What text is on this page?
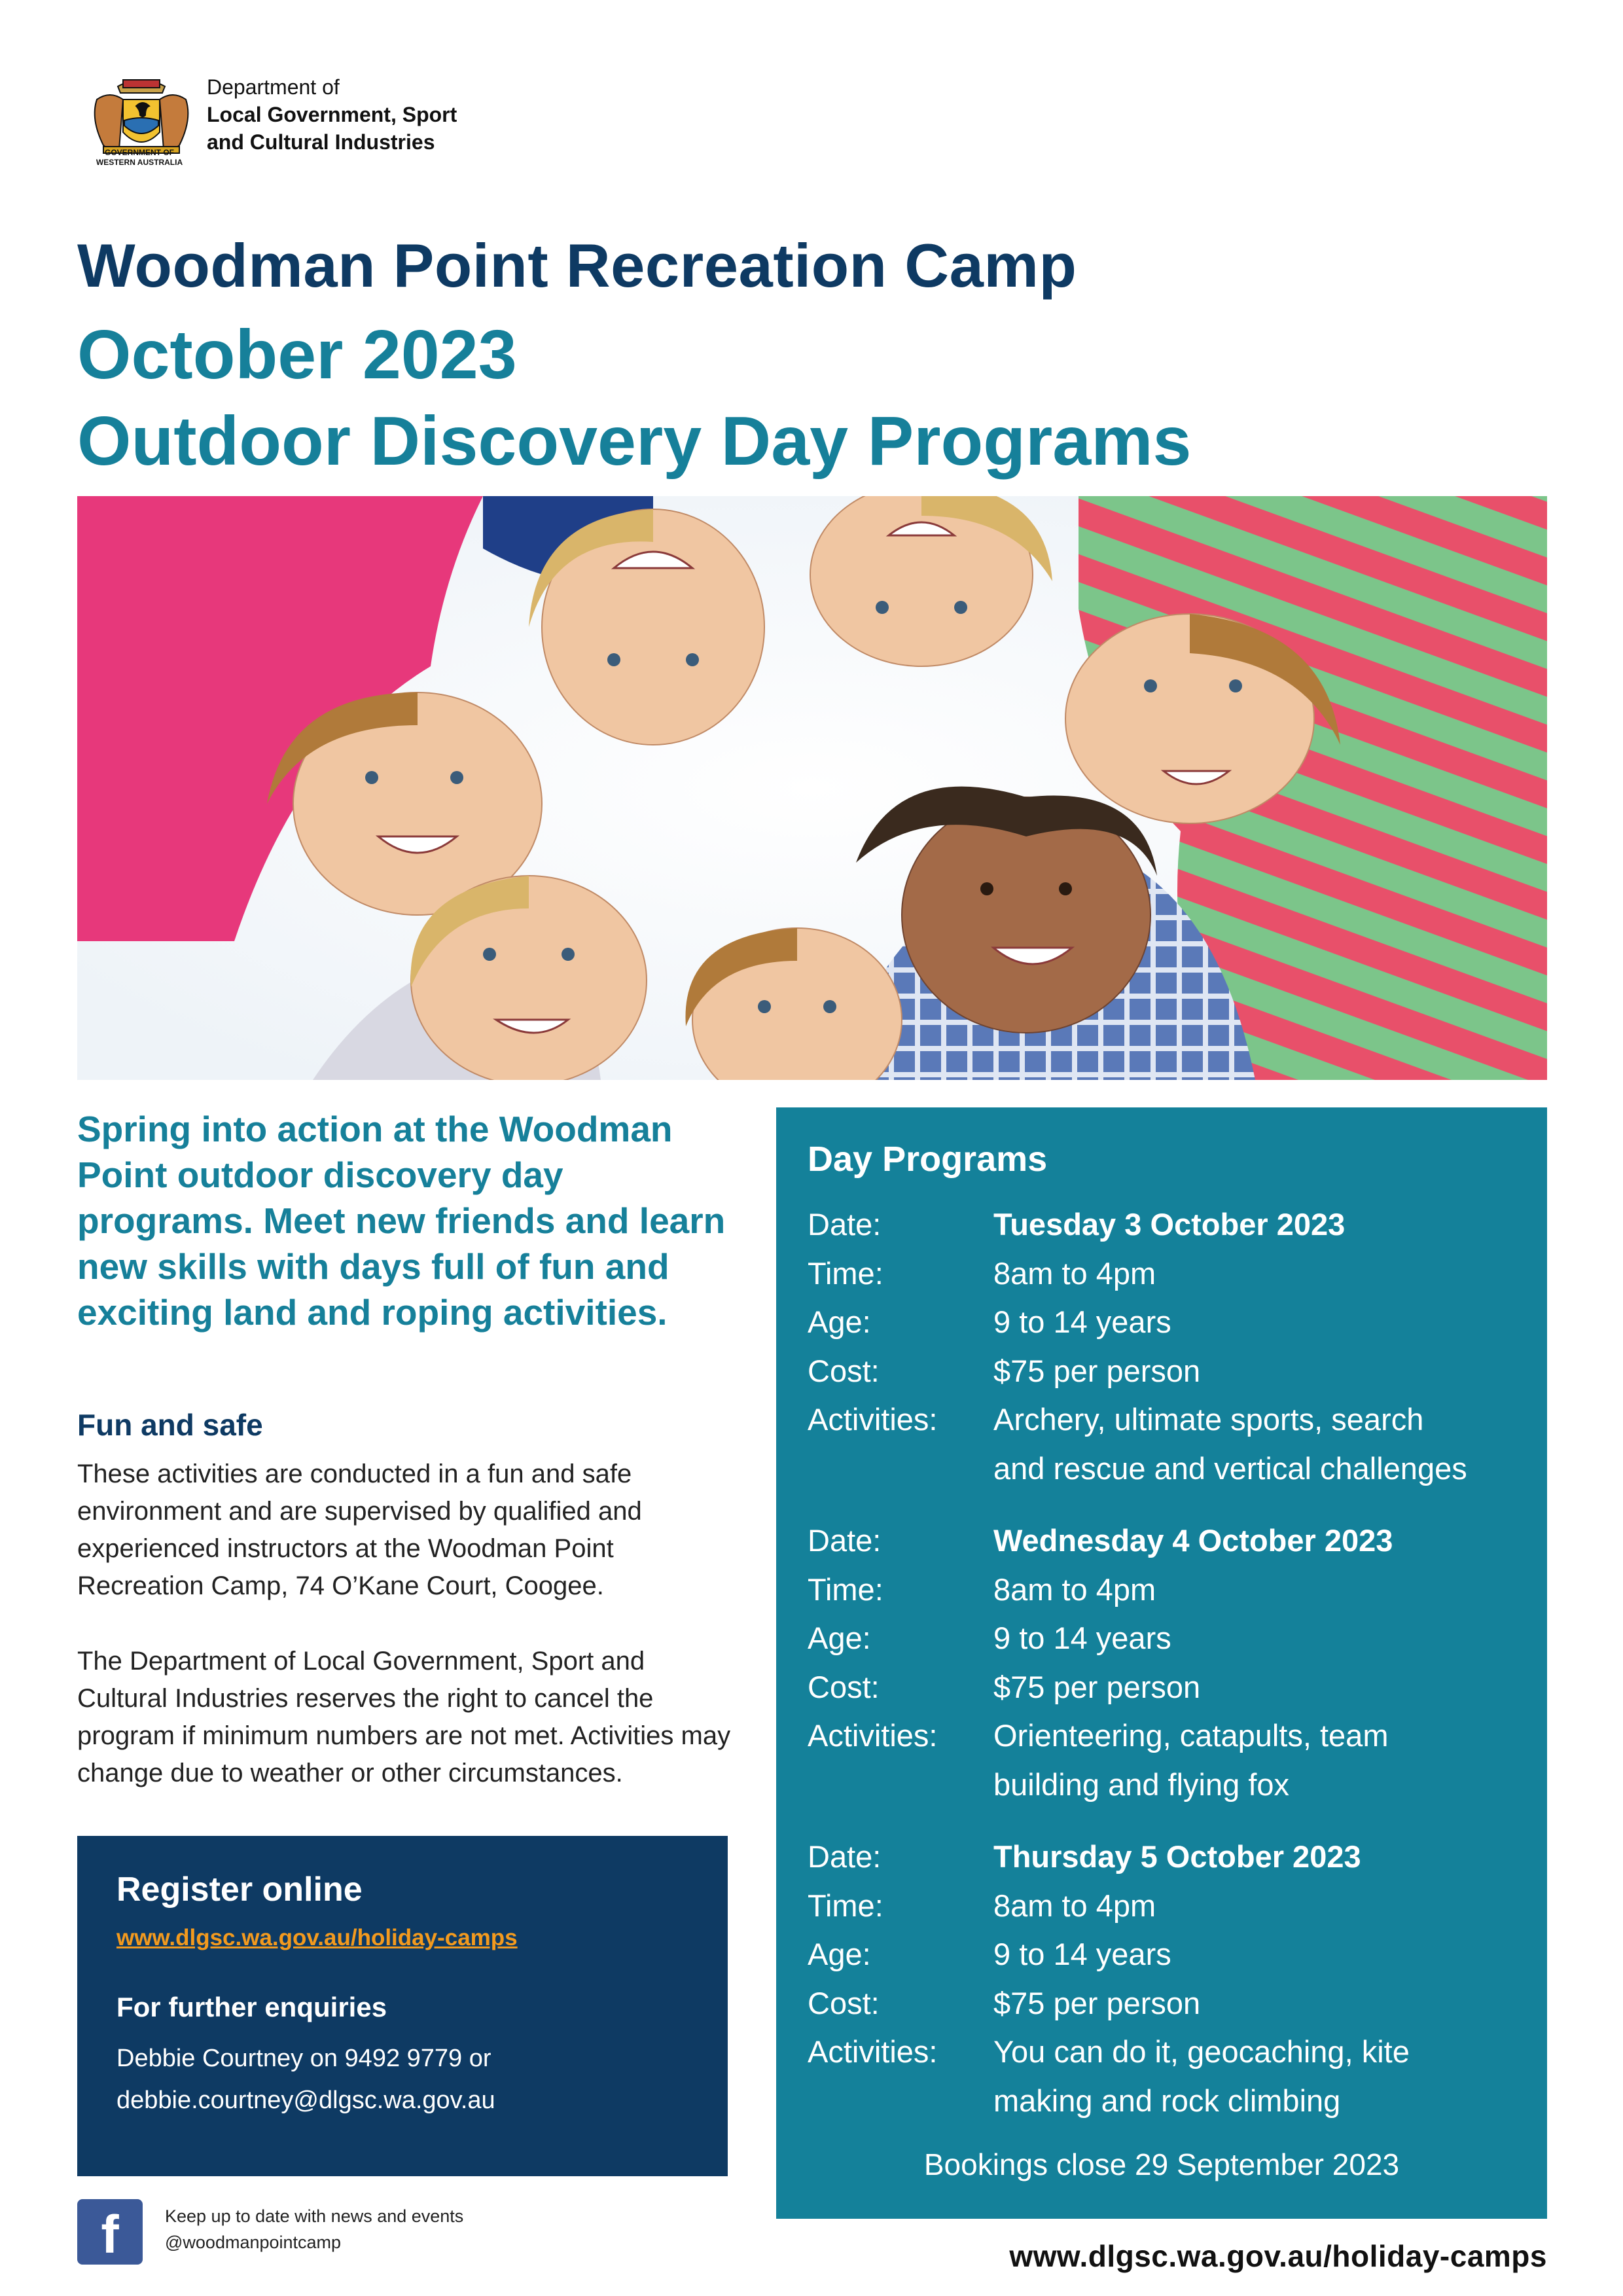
GOVERNMENT OF
WESTERN AUSTRALIA
Department of
Local Government, Sport
and Cultural Industries
Woodman Point Recreation Camp
October 2023
Outdoor Discovery Day Programs
Spring into action at the Woodman Point outdoor discovery day programs. Meet new friends and learn new skills with days full of fun and exciting land and roping activities.
Fun and safe
These activities are conducted in a fun and safe environment and are supervised by qualified and experienced instructors at the Woodman Point Recreation Camp, 74 O’Kane Court, Coogee.
The Department of Local Government, Sport and Cultural Industries reserves the right to cancel the program if minimum numbers are not met. Activities may change due to weather or other circumstances.
Register online
www.dlgsc.wa.gov.au/holiday-camps
For further enquiries
Debbie Courtney on 9492 9779 or
debbie.courtney@dlgsc.wa.gov.au
f	Keep up to date with news and events
@woodmanpointcamp
Day Programs
Date:	Tuesday 3 October 2023
Time:	8am to 4pm
Age:	9 to 14 years
Cost:	$75 per person
Activities:	Archery, ultimate sports, search
and rescue and vertical challenges
Date:	Wednesday 4 October 2023
Time:	8am to 4pm
Age:	9 to 14 years
Cost:	$75 per person
Activities:	Orienteering, catapults, team
building and flying fox
Date:	Thursday 5 October 2023
Time:	8am to 4pm
Age:	9 to 14 years
Cost:	$75 per person
Activities:	You can do it, geocaching, kite
making and rock climbing
Bookings close 29 September 2023
www.dlgsc.wa.gov.au/holiday-camps
